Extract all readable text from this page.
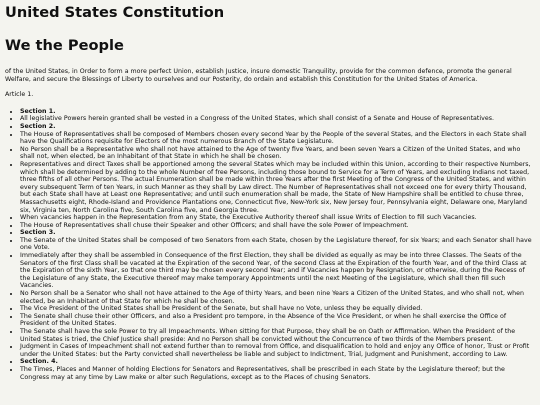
United States Constitution
We the People

of the United States, in Order to form a more perfect Union, establish Justice, insure domestic Tranquility, provide for the common defence, promote the general Welfare, and secure the Blessings of Liberty to ourselves and our Posterity, do ordain and establish this Constitution for the United States of America.

Article 1.

• Section 1.
• All legislative Powers herein granted shall be vested in a Congress of the United States, which shall consist of a Senate and House of Representatives.
• Section 2.
• The House of Representatives shall be composed of Members chosen every second Year by the People of the several States, and the Electors in each State shall have the Qualifications requisite for Electors of the most numerous Branch of the State Legislature.
• No Person shall be a Representative who shall not have attained to the Age of twenty five Years, and been seven Years a Citizen of the United States, and who shall not, when elected, be an Inhabitant of that State in which he shall be chosen.
• Representatives and direct Taxes shall be apportioned among the several States which may be included within this Union, according to their respective Numbers, which shall be determined by adding to the whole Number of free Persons, including those bound to Service for a Term of Years, and excluding Indians not taxed, three fifths of all other Persons. The actual Enumeration shall be made within three Years after the first Meeting of the Congress of the United States, and within every subsequent Term of ten Years, in such Manner as they shall by Law direct. The Number of Representatives shall not exceed one for every thirty Thousand, but each State shall have at Least one Representative; and until such enumeration shall be made, the State of New Hampshire shall be entitled to chuse three, Massachusetts eight, Rhode-Island and Providence Plantations one, Connecticut five, New-York six, New Jersey four, Pennsylvania eight, Delaware one, Maryland six, Virginia ten, North Carolina five, South Carolina five, and Georgia three.
• When vacancies happen in the Representation from any State, the Executive Authority thereof shall issue Writs of Election to fill such Vacancies.
• The House of Representatives shall chuse their Speaker and other Officers; and shall have the sole Power of Impeachment.
• Section 3.
• The Senate of the United States shall be composed of two Senators from each State, chosen by the Legislature thereof, for six Years; and each Senator shall have one Vote.
• Immediately after they shall be assembled in Consequence of the first Election, they shall be divided as equally as may be into three Classes. The Seats of the Senators of the first Class shall be vacated at the Expiration of the second Year, of the second Class at the Expiration of the fourth Year, and of the third Class at the Expiration of the sixth Year, so that one third may be chosen every second Year; and if Vacancies happen by Resignation, or otherwise, during the Recess of the Legislature of any State, the Executive thereof may make temporary Appointments until the next Meeting of the Legislature, which shall then fill such Vacancies.
• No Person shall be a Senator who shall not have attained to the Age of thirty Years, and been nine Years a Citizen of the United States, and who shall not, when elected, be an Inhabitant of that State for which he shall be chosen.
• The Vice President of the United States shall be President of the Senate, but shall have no Vote, unless they be equally divided.
• The Senate shall chuse their other Officers, and also a President pro tempore, in the Absence of the Vice President, or when he shall exercise the Office of President of the United States.
• The Senate shall have the sole Power to try all Impeachments. When sitting for that Purpose, they shall be on Oath or Affirmation. When the President of the United States is tried, the Chief Justice shall preside: And no Person shall be convicted without the Concurrence of two thirds of the Members present.
• Judgment in Cases of Impeachment shall not extend further than to removal from Office, and disqualification to hold and enjoy any Office of honor, Trust or Profit under the United States: but the Party convicted shall nevertheless be liable and subject to Indictment, Trial, Judgment and Punishment, according to Law.
• Section. 4.
• The Times, Places and Manner of holding Elections for Senators and Representatives, shall be prescribed in each State by the Legislature thereof; but the Congress may at any time by Law make or alter such Regulations, except as to the Places of chusing Senators.
